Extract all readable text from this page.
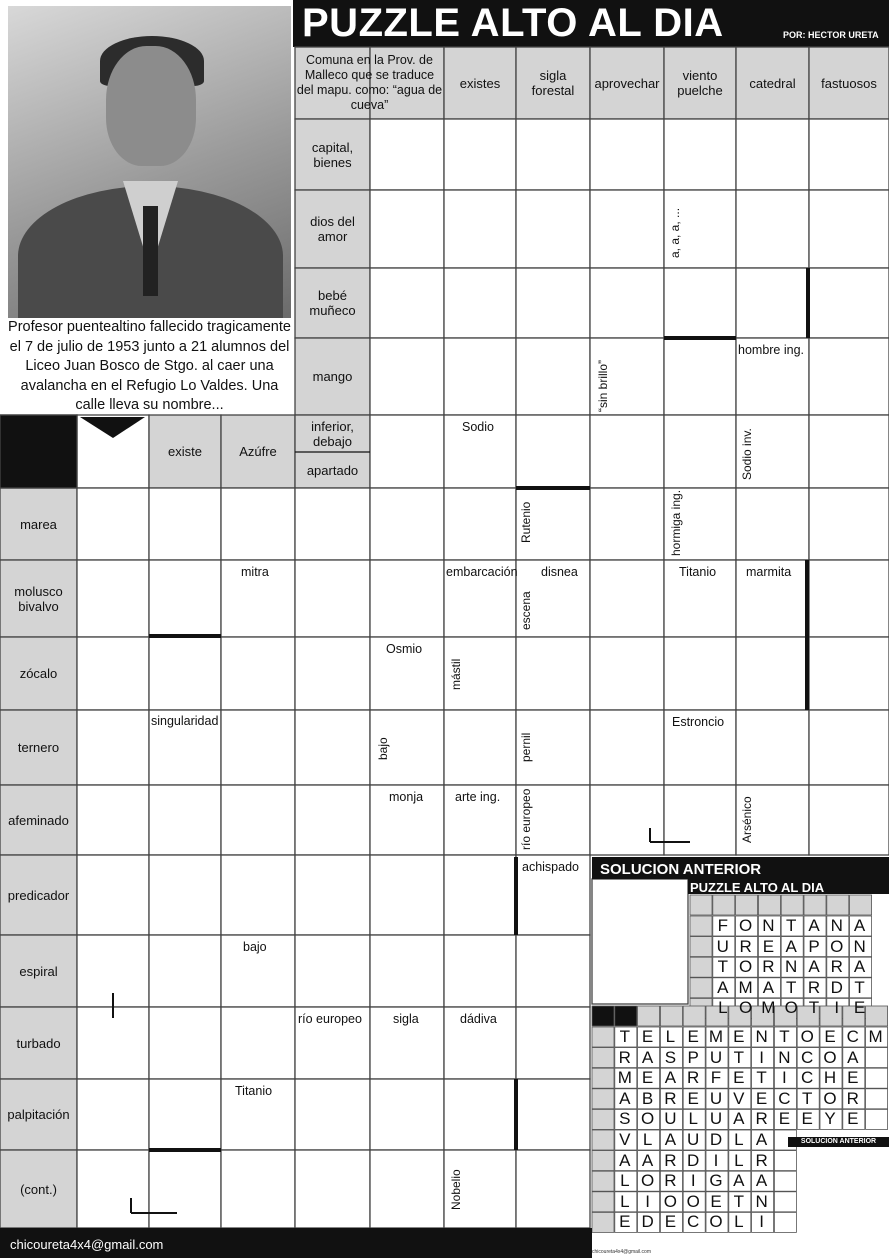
Profesor puentealtino fallecido tragicamente el 7 de julio de 1953 junto a 21 alumnos del Liceo Juan Bosco de Stgo. al caer una avalancha en el Refugio Lo Valdes. Una calle lleva su nombre...
PUZZLE ALTO AL DIA	POR: HECTOR URETA
Comuna en la Prov. de Malleco que se traduce del mapu. como: “agua de cueva”
existes	sigla forestal	aprovechar	viento puelche	catedral	fastuosos
capital, bienes
dios del amor
bebé muñeco
mango
existe	Azúfre
inferior, debajo
apartado
marea
molusco bivalvo
zócalo
ternero
afeminado
predicador
espiral
turbado
palpitación
(cont.)
Sodio
hombre ing.
mitra	embarcación disnea	Titanio marmita
Osmio
singularidad	Estroncio
monja	arte ing.
achispado
bajo
río europeo sigla	dádiva
Titanio
a, a, a, ...
“sin brillo”
Sodio inv.
Rutenio	hormiga ing.
escena
mástil
bajo	pernil
río europeo	Arsénico
Nobelio
chicoureta4x4@gmail.com
SOLUCION ANTERIOR
PUZZLE ALTO AL DIA
F O N T A N A
U R E A P O N
T O R N A R A
A M A T R D T
L O M O T I E
T E L E M E N T O E C M
R A S P U T I N C O A
M E A R F E T I C H E
A B R E U V E C T O R
S O U L U A R E E Y E
V L A U D L A
A A R D I L R
L O R I G A A
L I O O E T N
E D E C O L I
SOLUCION ANTERIOR
chicoureta4x4@gmail.com
